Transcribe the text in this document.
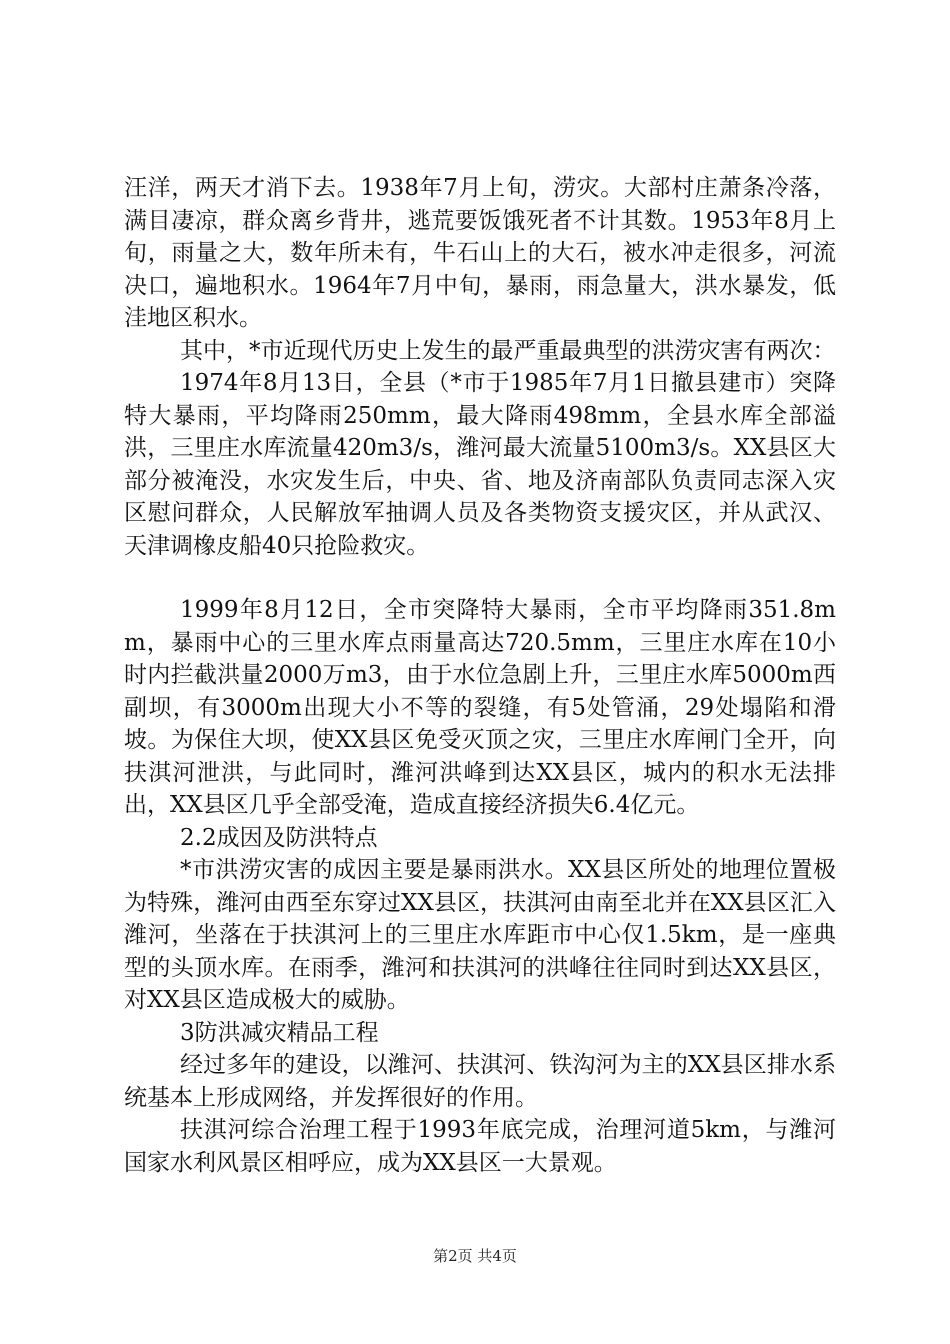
汪洋，两天才消下去。1938年7月上旬，涝灾。大部村庄萧条冷落，满目凄凉，群众离乡背井，逃荒要饭饿死者不计其数。1953年8月上旬，雨量之大，数年所未有，牛石山上的大石，被水冲走很多，河流决口，遍地积水。1964年7月中旬，暴雨，雨急量大，洪水暴发，低洼地区积水。

其中，*市近现代历史上发生的最严重最典型的洪涝灾害有两次：

1974年8月13日，全县（*市于1985年7月1日撤县建市）突降特大暴雨，平均降雨250mm，最大降雨498mm，全县水库全部溢洪，三里庄水库流量420m3/s，潍河最大流量5100m3/s。XX县区大部分被淹没，水灾发生后，中央、省、地及济南部队负责同志深入灾区慰问群众，人民解放军抽调人员及各类物资支援灾区，并从武汉、天津调橡皮船40只抢险救灾。

1999年8月12日，全市突降特大暴雨，全市平均降雨351.8mm，暴雨中心的三里水库点雨量高达720.5mm，三里庄水库在10小时内拦截洪量2000万m3，由于水位急剧上升，三里庄水库5000m西副坝，有3000m出现大小不等的裂缝，有5处管涌，29处塌陷和滑坡。为保住大坝，使XX县区免受灭顶之灾，三里庄水库闸门全开，向扶淇河泄洪，与此同时，潍河洪峰到达XX县区，城内的积水无法排出，XX县区几乎全部受淹，造成直接经济损失6.4亿元。

2.2成因及防洪特点

*市洪涝灾害的成因主要是暴雨洪水。XX县区所处的地理位置极为特殊，潍河由西至东穿过XX县区，扶淇河由南至北并在XX县区汇入潍河，坐落在于扶淇河上的三里庄水库距市中心仅1.5km，是一座典型的头顶水库。在雨季，潍河和扶淇河的洪峰往往同时到达XX县区，对XX县区造成极大的威胁。

3防洪减灾精品工程

经过多年的建设，以潍河、扶淇河、铁沟河为主的XX县区排水系统基本上形成网络，并发挥很好的作用。

扶淇河综合治理工程于1993年底完成，治理河道5km，与潍河国家水利风景区相呼应，成为XX县区一大景观。

第2页 共4页
